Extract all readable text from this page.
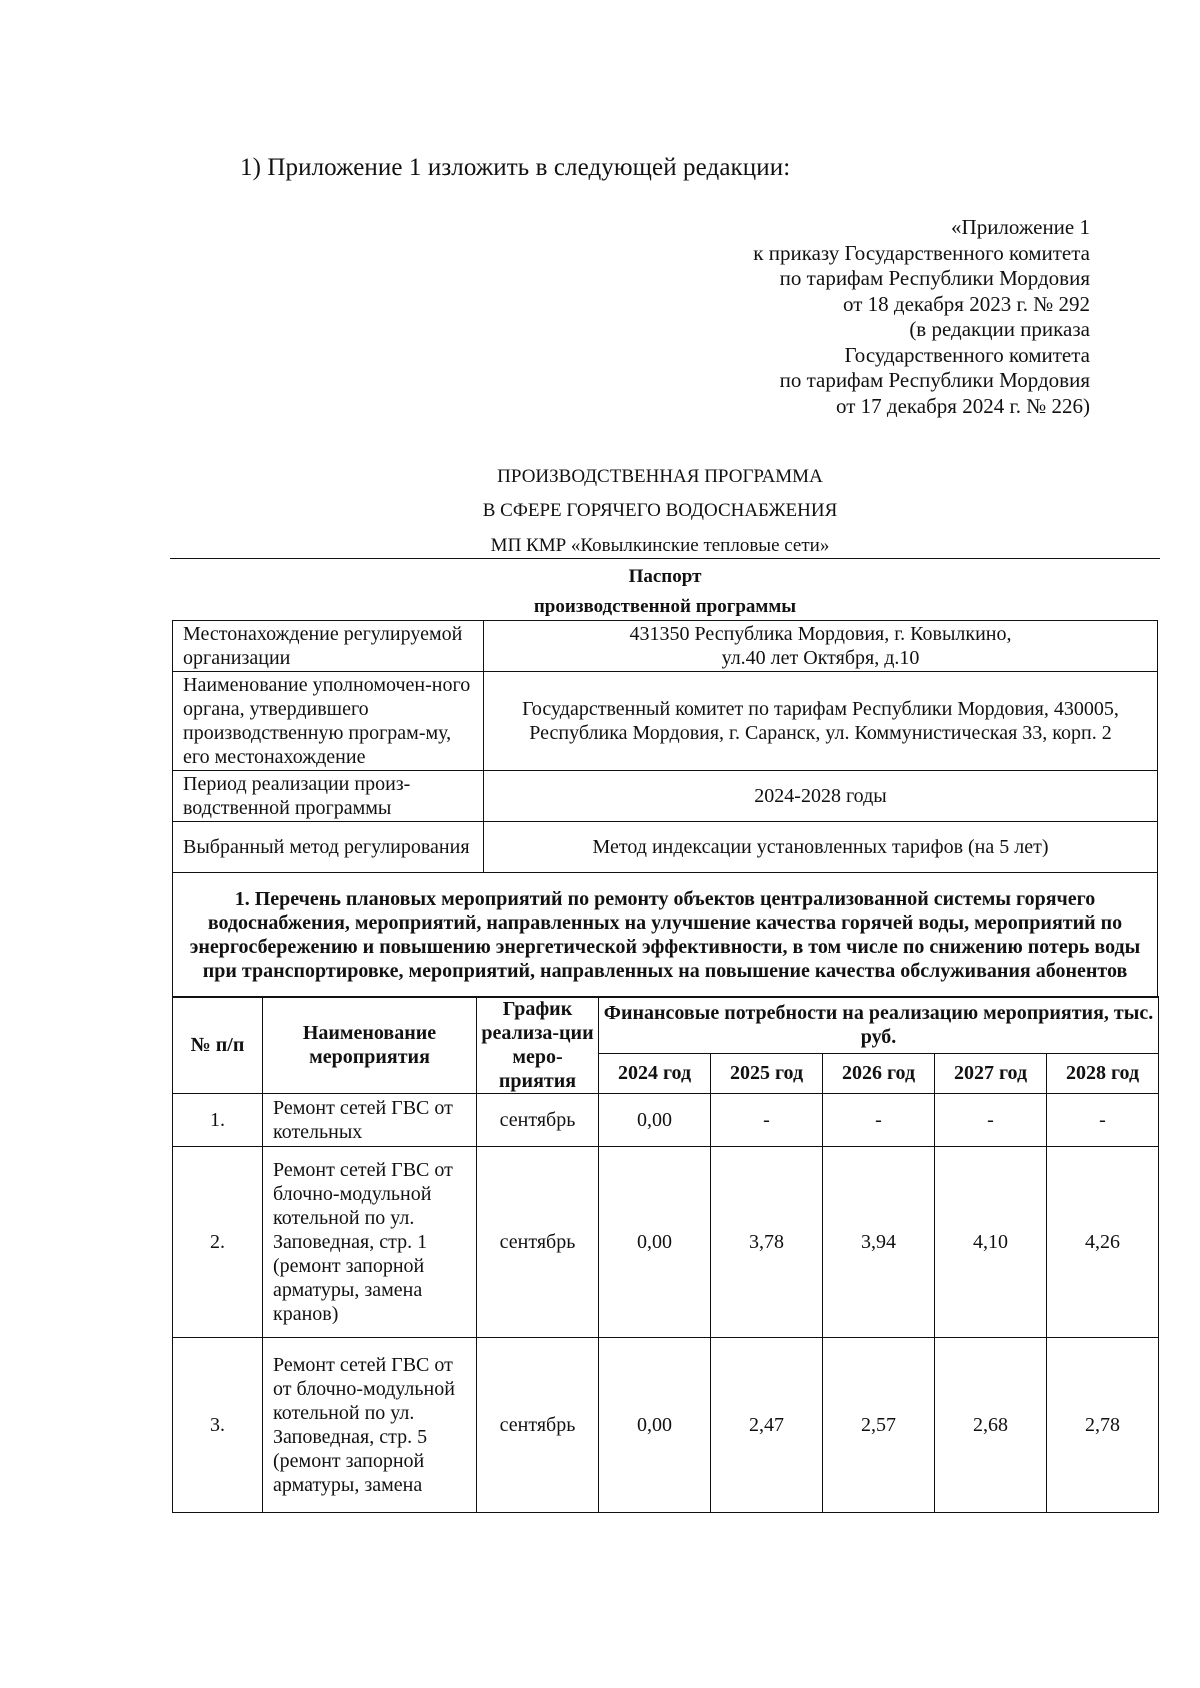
1) Приложение 1 изложить в следующей редакции:
«Приложение 1
к приказу Государственного комитета
по тарифам Республики Мордовия
от 18 декабря 2023 г. № 292
(в редакции приказа
Государственного комитета
по тарифам Республики Мордовия
от 17 декабря 2024 г. № 226)
ПРОИЗВОДСТВЕННАЯ ПРОГРАММА
В СФЕРЕ ГОРЯЧЕГО ВОДОСНАБЖЕНИЯ
МП КМР «Ковылкинские тепловые сети»
Паспорт
производственной программы
Местонахождение регулируемой организации	431350 Республика Мордовия, г. Ковылкино,
ул.40 лет Октября, д.10

Наименование уполномочен-ного органа, утвердившего производственную програм-му, его местонахождение	Государственный комитет по тарифам Республики Мордовия, 430005,
Республика Мордовия, г. Саранск, ул. Коммунистическая 33, корп. 2

Период реализации произ-водственной программы	2024-2028 годы
Выбранный метод регулирования	Метод индексации установленных тарифов (на 5 лет)
1. Перечень плановых мероприятий по ремонту объектов централизованной системы горячего водоснабжения, мероприятий, направленных на улучшение качества горячей воды, мероприятий по энергосбережению и повышению энергетической эффективности, в том числе по снижению потерь воды при транспортировке, мероприятий, направленных на повышение качества обслуживания абонентов	
№ п/п	Наименование мероприятия	График реализа-ции меро-приятия	Финансовые потребности на реализацию мероприятия, тыс. руб.				
			2024 год	2025 год	2026 год	2027 год	2028 год
1.	Ремонт сетей ГВС от котельных	сентябрь	0,00	-	-	-	-
2.	Ремонт сетей ГВС от блочно-модульной котельной по ул. Заповедная, стр. 1 (ремонт запорной арматуры, замена кранов)	сентябрь	0,00	3,78	3,94	4,10	4,26
3.	Ремонт сетей ГВС от от блочно-модульной котельной по ул. Заповедная, стр. 5 (ремонт запорной арматуры, замена	сентябрь	0,00	2,47	2,57	2,68	2,78
